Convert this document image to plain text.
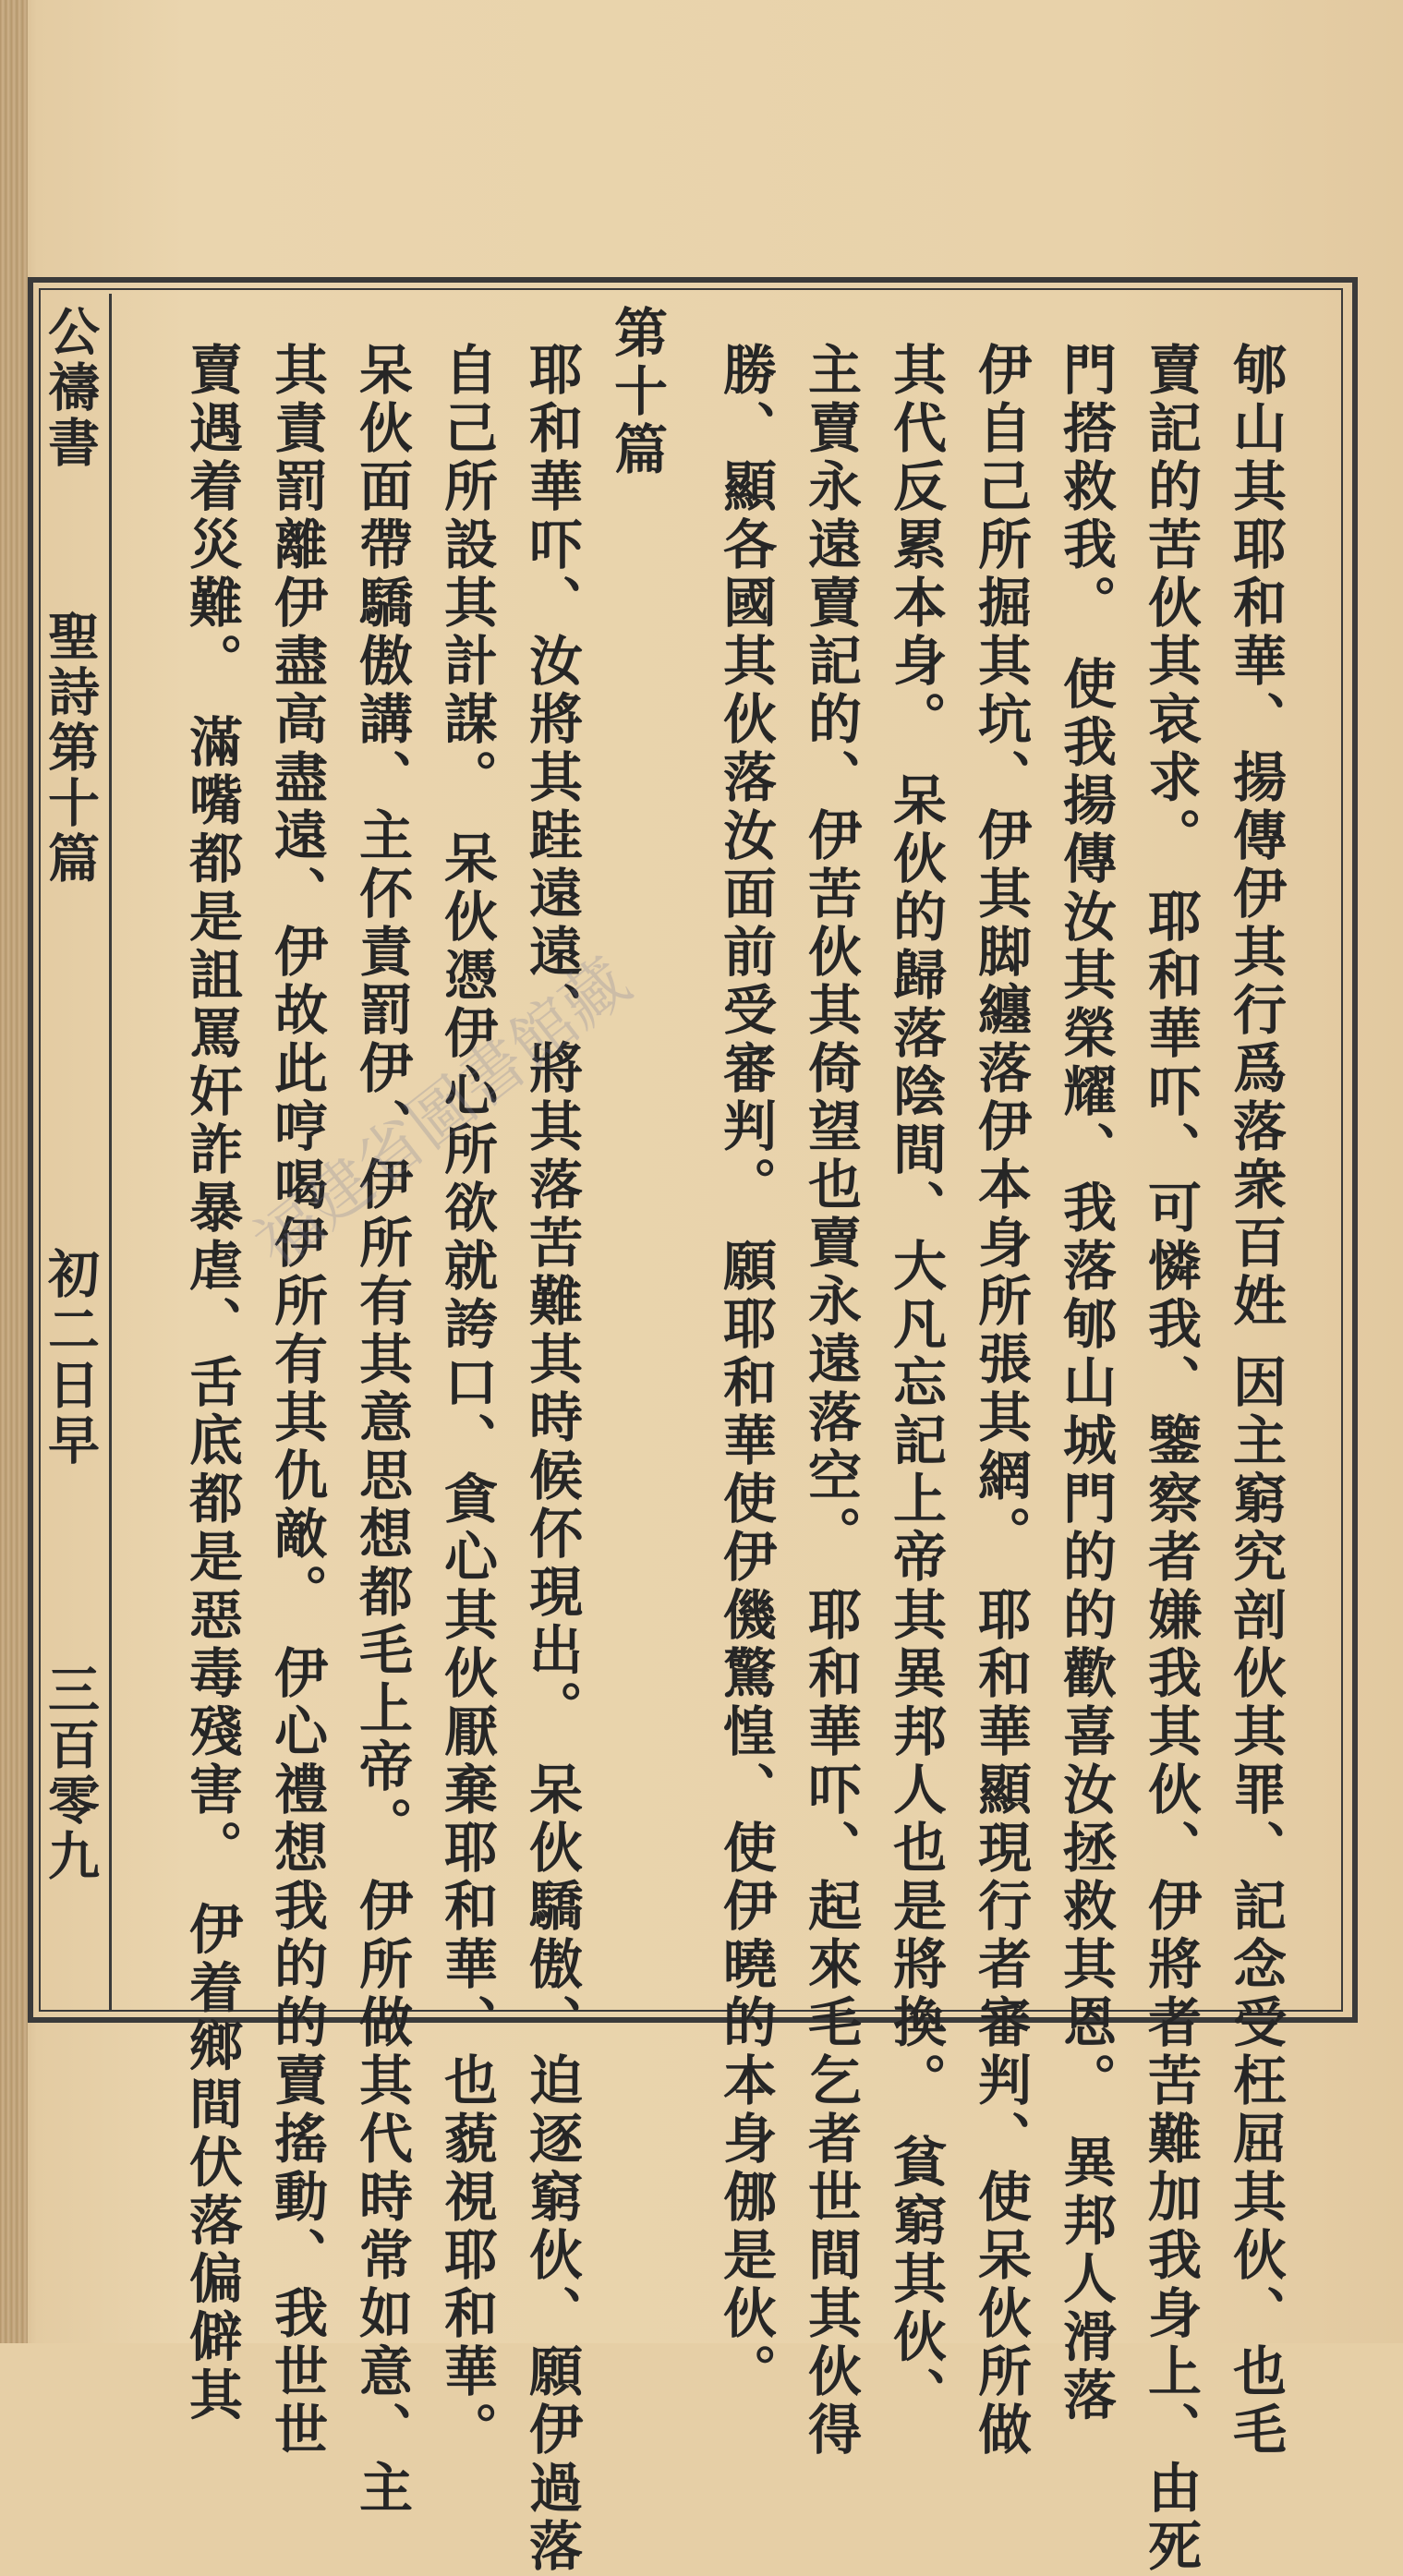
公禱書
聖詩第十篇
初二日早
三百零九	郇山其耶和華、揚傳伊其行爲落衆百姓 因主窮究剖伙其罪、記念受枉屈其伙、也毛
賣記的苦伙其哀求。 耶和華吓、可憐我、鑒察者嫌我其伙、伊將者苦難加我身上、由死
門搭救我。 使我揚傳汝其榮耀、我落郇山城門的的歡喜汝拯救其恩。 異邦人滑落
伊自己所掘其坑、伊其脚纏落伊本身所張其網。 耶和華顯現行者審判、使呆伙所做
其代反累本身。 呆伙的歸落陰間、大凡忘記上帝其異邦人也是將換。 貧窮其伙、
主賣永遠賣記的、伊苦伙其倚望也賣永遠落空。 耶和華吓、起來毛乞者世間其伙得
勝、顯各國其伙落汝面前受審判。 願耶和華使伊僟驚惶、使伊曉的本身㑚是伙。
第十篇
耶和華吓、汝將其跬遠遠、將其落苦難其時候伓現出。 呆伙驕傲、迫逐窮伙、願伊過落
自己所設其計謀。 呆伙憑伊心所欲就誇口、貪心其伙厭棄耶和華、也藐視耶和華。
呆伙面帶驕傲講、主伓責罰伊、伊所有其意思想都毛上帝。 伊所做其代時常如意、主
其責罰離伊盡高盡遠、伊故此哼喝伊所有其仇敵。 伊心禮想我的的賣搖動、我世世
賣遇着災難。 滿嘴都是詛罵奸詐暴虐、舌底都是惡毒殘害。 伊着鄉間伏落偏僻其
福建省圖書館藏
